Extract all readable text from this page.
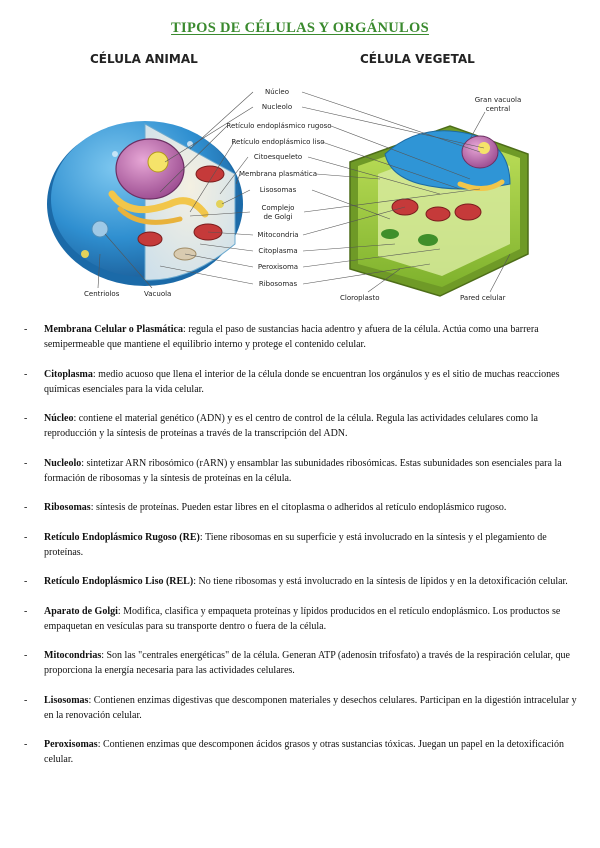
TIPOS DE CÉLULAS Y ORGÁNULOS
CÉLULA ANIMAL	CÉLULA VEGETAL
Núcleo
Nucleolo
Retículo endoplásmico rugoso
Retículo endoplásmico liso
Citoesqueleto
Membrana plasmática
Lisosomas
Complejo de Golgi
Mitocondria
Citoplasma
Peroxisoma
Ribosomas
Centriolos	Vacuola
Gran vacuola central
Cloroplasto	Pared celular
- Membrana Celular o Plasmática: regula el paso de sustancias hacia adentro y afuera de la célula. Actúa como una barrera semipermeable que mantiene el equilibrio interno y protege el contenido celular.
- Citoplasma: medio acuoso que llena el interior de la célula donde se encuentran los orgánulos y es el sitio de muchas reacciones químicas esenciales para la vida celular.
- Núcleo: contiene el material genético (ADN) y es el centro de control de la célula. Regula las actividades celulares como la reproducción y la síntesis de proteínas a través de la transcripción del ADN.
- Nucleolo: sintetizar ARN ribosómico (rARN) y ensamblar las subunidades ribosómicas. Estas subunidades son esenciales para la formación de ribosomas y la síntesis de proteínas en la célula.
- Ribosomas: síntesis de proteínas. Pueden estar libres en el citoplasma o adheridos al retículo endoplásmico rugoso.
- Retículo Endoplásmico Rugoso (RE): Tiene ribosomas en su superficie y está involucrado en la síntesis y el plegamiento de proteínas.
- Retículo Endoplásmico Liso (REL): No tiene ribosomas y está involucrado en la síntesis de lípidos y en la detoxificación celular.
- Aparato de Golgi: Modifica, clasifica y empaqueta proteínas y lípidos producidos en el retículo endoplásmico. Los productos se empaquetan en vesículas para su transporte dentro o fuera de la célula.
- Mitocondrias: Son las "centrales energéticas" de la célula. Generan ATP (adenosín trifosfato) a través de la respiración celular, que proporciona la energía necesaria para las actividades celulares.
- Lisosomas: Contienen enzimas digestivas que descomponen materiales y desechos celulares. Participan en la digestión intracelular y en la renovación celular.
- Peroxisomas: Contienen enzimas que descomponen ácidos grasos y otras sustancias tóxicas. Juegan un papel en la detoxificación celular.
